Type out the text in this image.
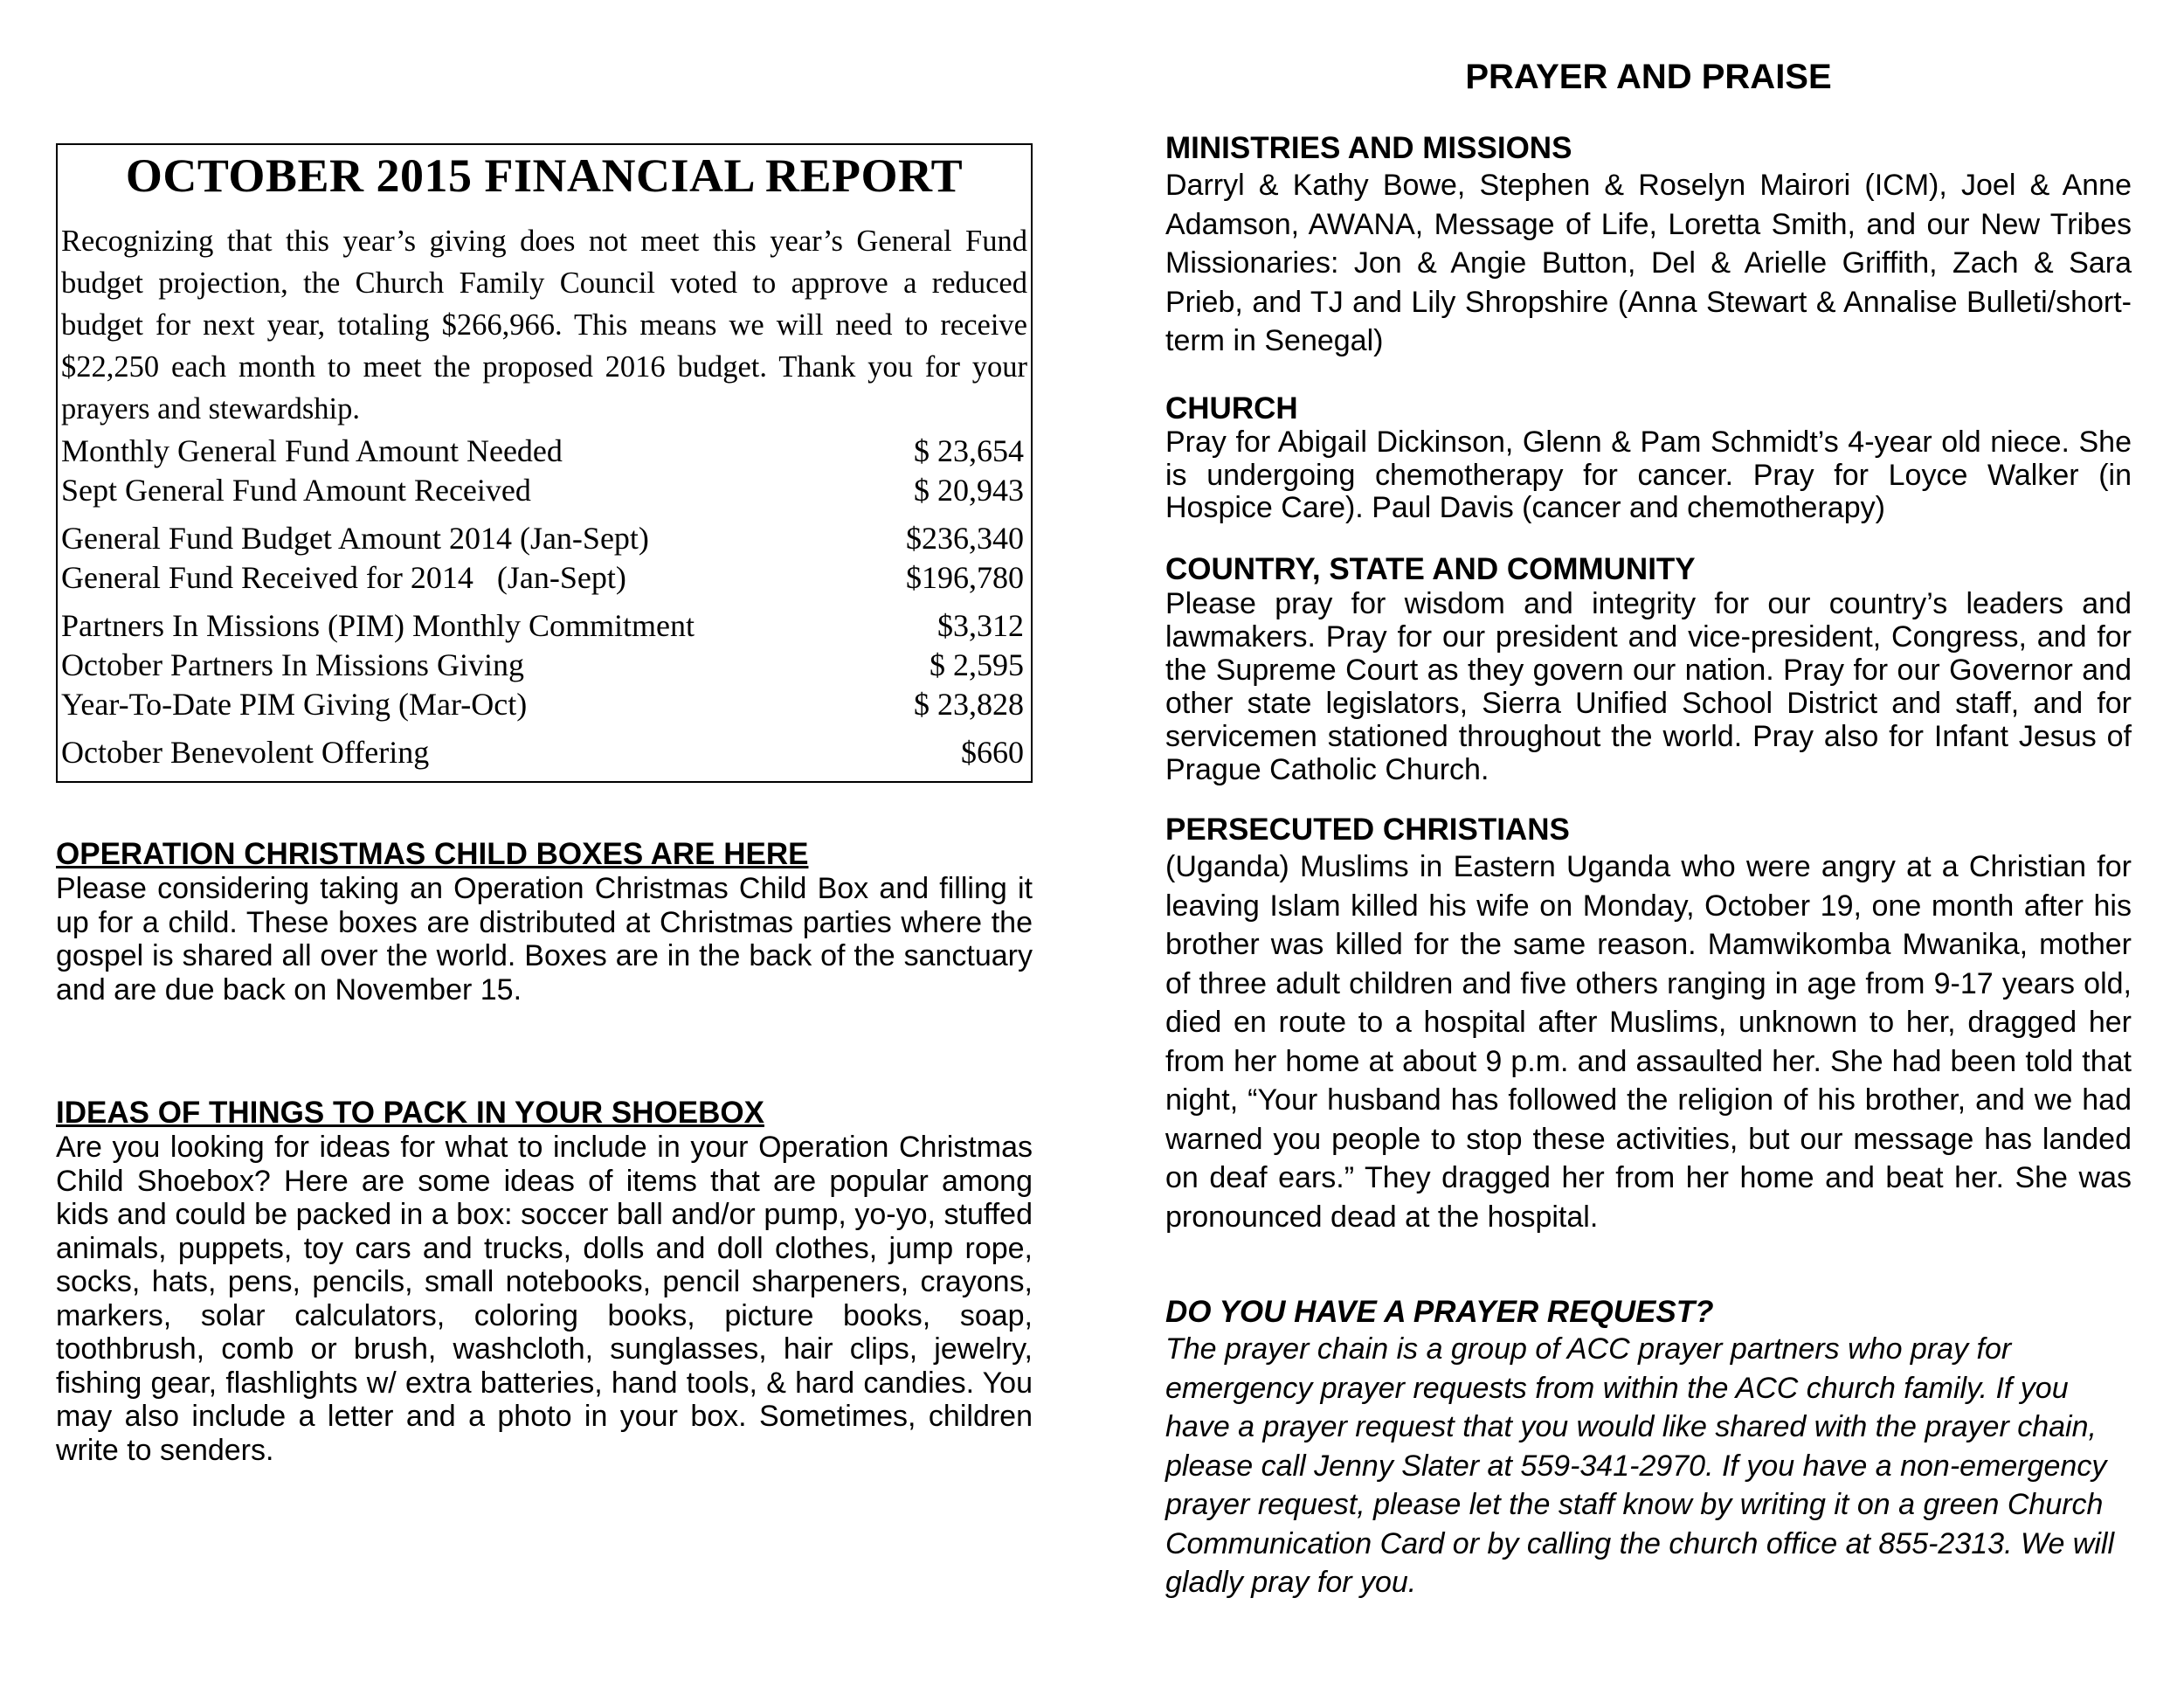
OCTOBER 2015 FINANCIAL REPORT

Recognizing that this year’s giving does not meet this year’s General Fund budget projection, the Church Family Council voted to approve a reduced budget for next year, totaling $266,966. This means we will need to receive $22,250 each month to meet the proposed 2016 budget. Thank you for your prayers and stewardship.

Monthly General Fund Amount Needed	$ 23,654
Sept General Fund Amount Received	$ 20,943
General Fund Budget Amount 2014 (Jan-Sept)	$236,340
General Fund Received for 2014   (Jan-Sept)	$196,780
Partners In Missions (PIM) Monthly Commitment	$3,312
October Partners In Missions Giving	$ 2,595
Year-To-Date PIM Giving (Mar-Oct)	$ 23,828
October Benevolent Offering	$660
OPERATION CHRISTMAS CHILD BOXES ARE HERE

Please considering taking an Operation Christmas Child Box and filling it up for a child. These boxes are distributed at Christmas parties where the gospel is shared all over the world. Boxes are in the back of the sanctuary and are due back on November 15.

IDEAS OF THINGS TO PACK IN YOUR SHOEBOX

Are you looking for ideas for what to include in your Operation Christmas Child Shoebox? Here are some ideas of items that are popular among kids and could be packed in a box: soccer ball and/or pump, yo-yo, stuffed animals, puppets, toy cars and trucks, dolls and doll clothes, jump rope, socks, hats, pens, pencils, small notebooks, pencil sharpeners, crayons, markers, solar calculators, coloring books, picture books, soap, toothbrush, comb or brush, washcloth, sunglasses, hair clips, jewelry, fishing gear, flashlights w/ extra batteries, hand tools, & hard candies. You may also include a letter and a photo in your box. Sometimes, children write to senders.

PRAYER AND PRAISE
MINISTRIES AND MISSIONS

Darryl & Kathy Bowe, Stephen & Roselyn Mairori (ICM), Joel & Anne Adamson, AWANA, Message of Life, Loretta Smith, and our New Tribes Missionaries: Jon & Angie Button, Del & Arielle Griffith, Zach & Sara Prieb, and TJ and Lily Shropshire (Anna Stewart & Annalise Bulleti/short-term in Senegal)

CHURCH

Pray for Abigail Dickinson, Glenn & Pam Schmidt’s 4-year old niece. She is undergoing chemotherapy for cancer. Pray for Loyce Walker (in Hospice Care). Paul Davis (cancer and chemotherapy)

COUNTRY, STATE AND COMMUNITY

Please pray for wisdom and integrity for our country’s leaders and lawmakers. Pray for our president and vice-president, Congress, and for the Supreme Court as they govern our nation. Pray for our Governor and other state legislators, Sierra Unified School District and staff, and for servicemen stationed throughout the world. Pray also for Infant Jesus of Prague Catholic Church.

PERSECUTED CHRISTIANS

(Uganda) Muslims in Eastern Uganda who were angry at a Christian for leaving Islam killed his wife on Monday, October 19, one month after his brother was killed for the same reason. Mamwikomba Mwanika, mother of three adult children and five others ranging in age from 9-17 years old, died en route to a hospital after Muslims, unknown to her, dragged her from her home at about 9 p.m. and assaulted her. She had been told that night, “Your husband has followed the religion of his brother, and we had warned you people to stop these activities, but our message has landed on deaf ears.” They dragged her from her home and beat her. She was pronounced dead at the hospital.

DO YOU HAVE A PRAYER REQUEST?

The prayer chain is a group of ACC prayer partners who pray for emergency prayer requests from within the ACC church family. If you have a prayer request that you would like shared with the prayer chain, please call Jenny Slater at 559-341-2970. If you have a non-emergency prayer request, please let the staff know by writing it on a green Church Communication Card or by calling the church office at 855-2313. We will gladly pray for you.
